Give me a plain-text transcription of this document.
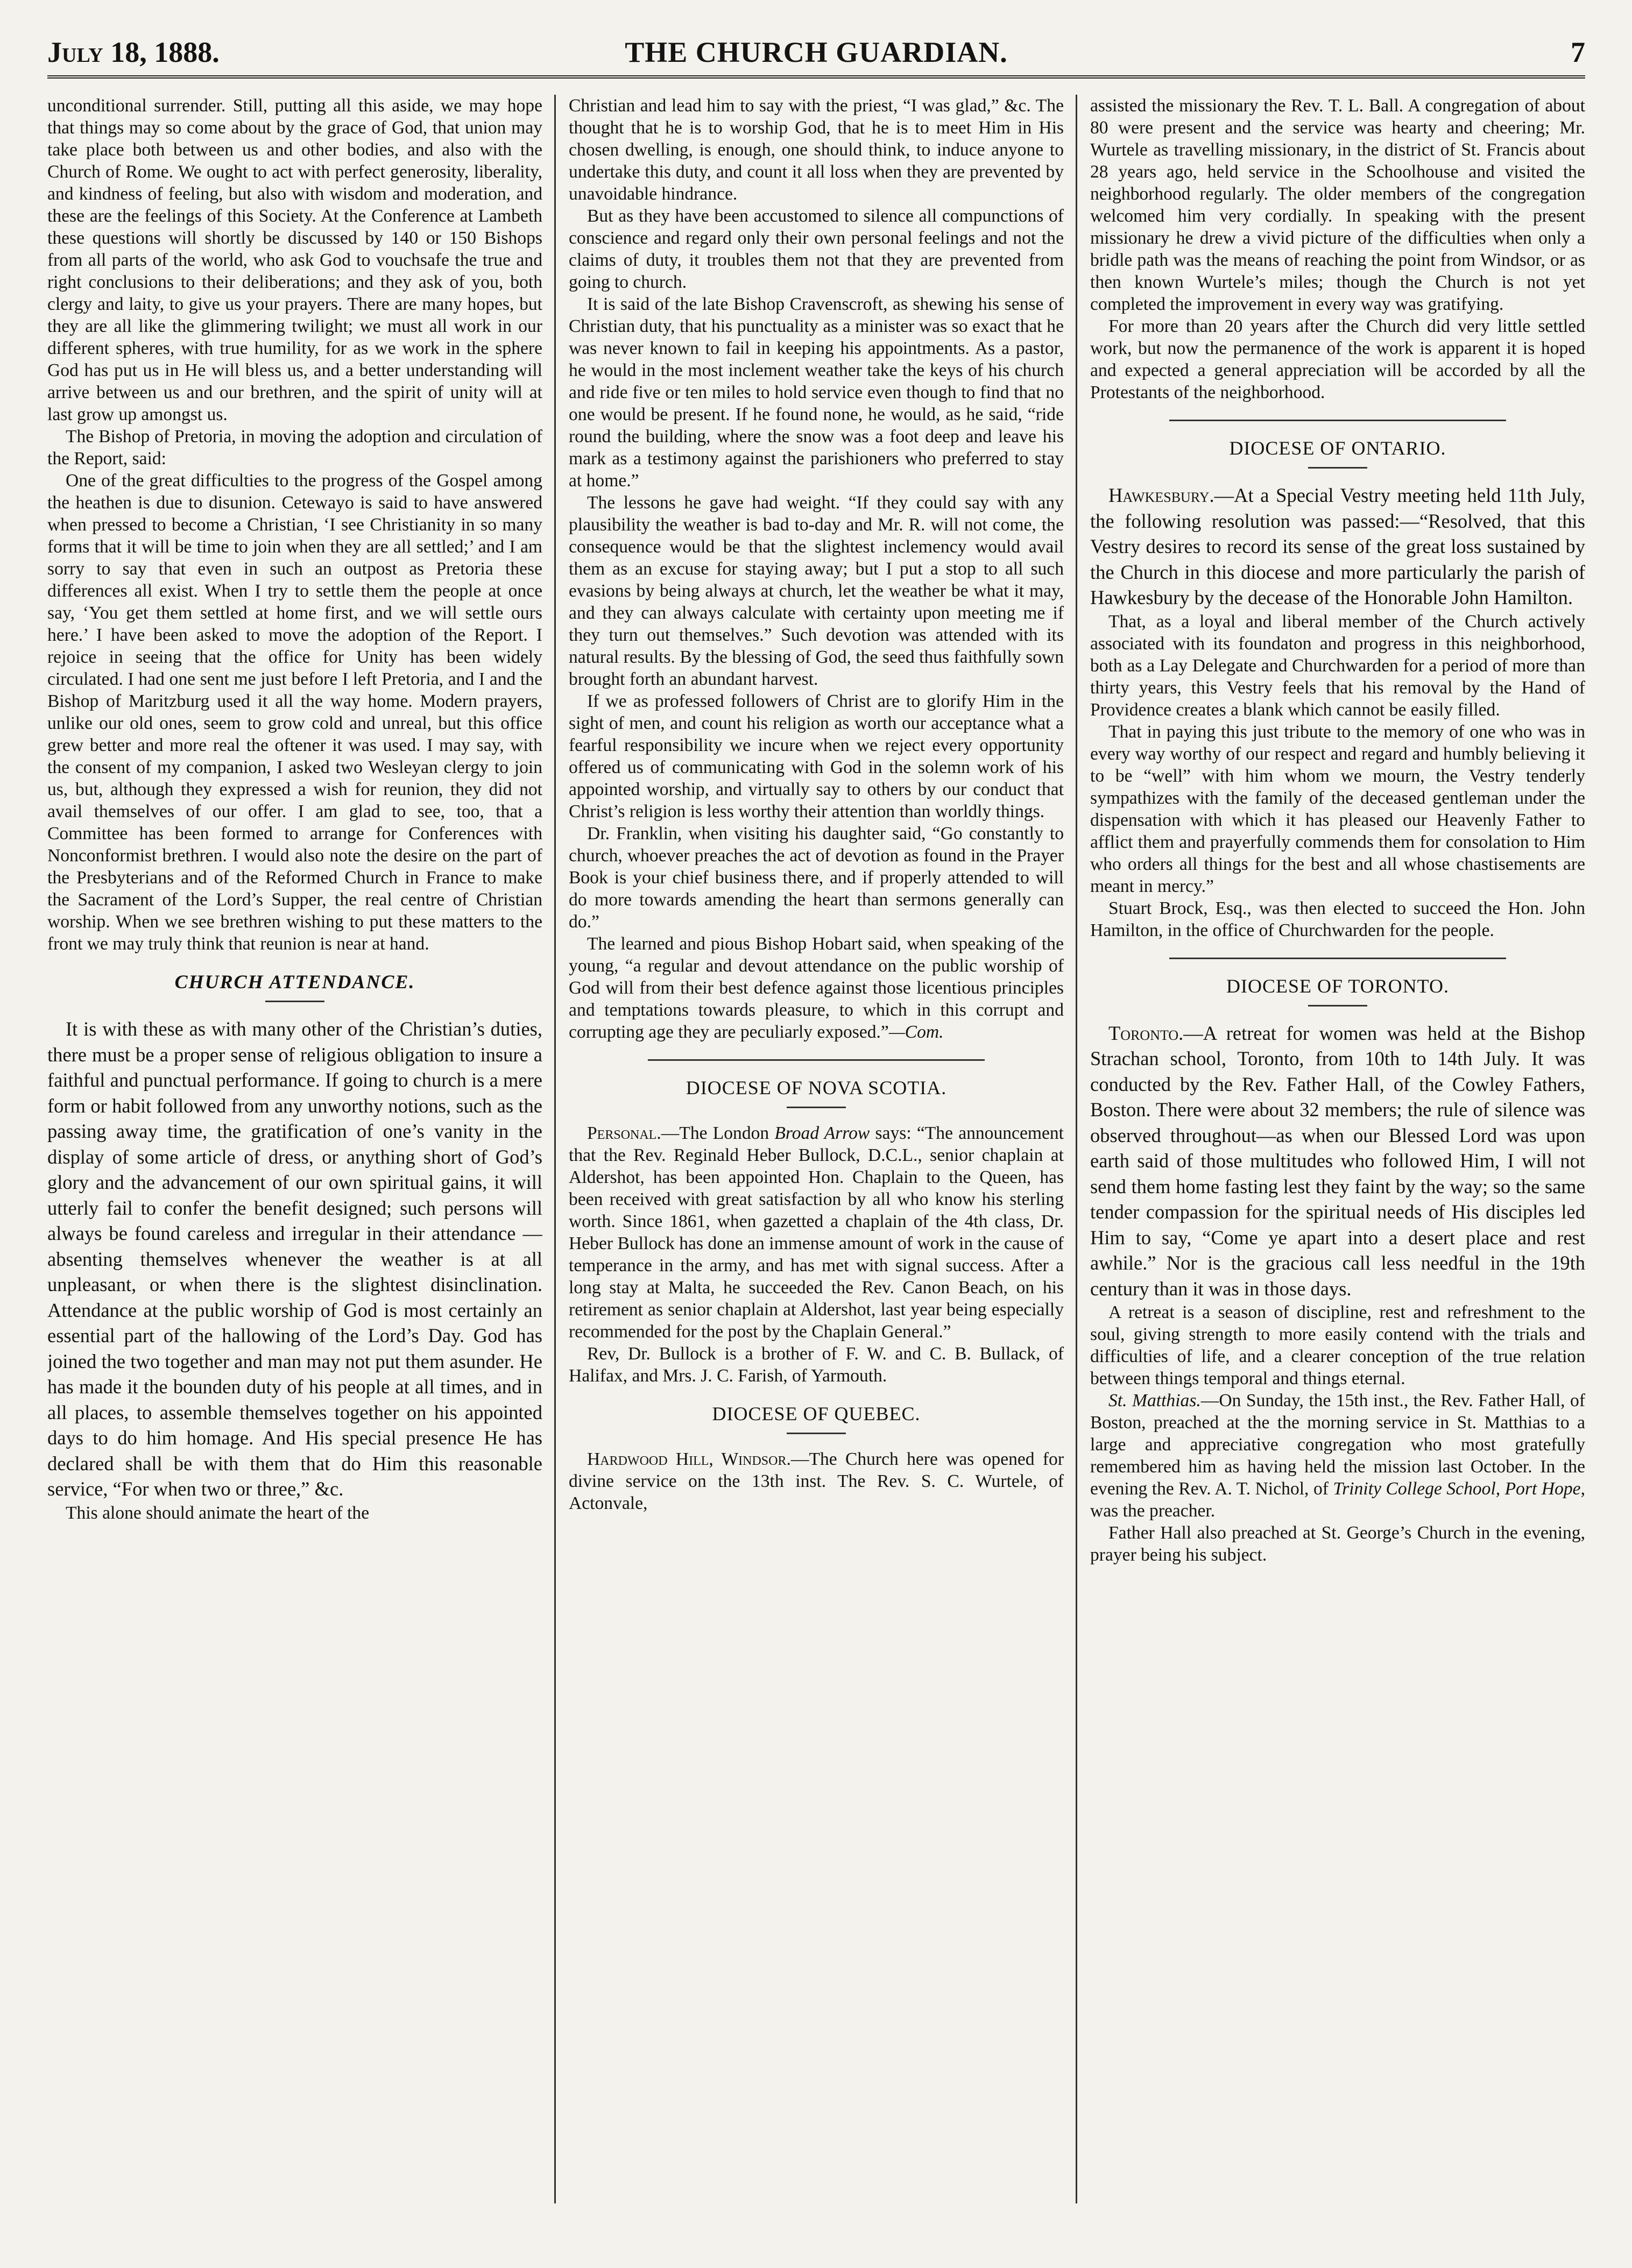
July 18, 1888.	THE CHURCH GUARDIAN.	7

unconditional surrender. Still, putting all this aside, we may hope that things may so come about by the grace of God, that union may take place both between us and other bodies, and also with the Church of Rome. We ought to act with perfect generosity, liberality, and kindness of feeling, but also with wisdom and moderation, and these are the feelings of this Society. At the Conference at Lambeth these questions will shortly be discussed by 140 or 150 Bishops from all parts of the world, who ask God to vouchsafe the true and right conclusions to their deliberations; and they ask of you, both clergy and laity, to give us your prayers. There are many hopes, but they are all like the glimmering twilight; we must all work in our different spheres, with true humility, for as we work in the sphere God has put us in He will bless us, and a better understanding will arrive between us and our brethren, and the spirit of unity will at last grow up amongst us.

The Bishop of Pretoria, in moving the adoption and circulation of the Report, said:

One of the great difficulties to the progress of the Gospel among the heathen is due to disunion. Cetewayo is said to have answered when pressed to become a Christian, ‘I see Christianity in so many forms that it will be time to join when they are all settled;’ and I am sorry to say that even in such an outpost as Pretoria these differences all exist. When I try to settle them the people at once say, ‘You get them settled at home first, and we will settle ours here.’ I have been asked to move the adoption of the Report. I rejoice in seeing that the office for Unity has been widely circulated. I had one sent me just before I left Pretoria, and I and the Bishop of Maritzburg used it all the way home. Modern prayers, unlike our old ones, seem to grow cold and unreal, but this office grew better and more real the oftener it was used. I may say, with the consent of my companion, I asked two Wesleyan clergy to join us, but, although they expressed a wish for reunion, they did not avail themselves of our offer. I am glad to see, too, that a Committee has been formed to arrange for Conferences with Nonconformist brethren. I would also note the desire on the part of the Presbyterians and of the Reformed Church in France to make the Sacrament of the Lord’s Supper, the real centre of Christian worship. When we see brethren wishing to put these matters to the front we may truly think that reunion is near at hand.

CHURCH ATTENDANCE.

It is with these as with many other of the Christian’s duties, there must be a proper sense of religious obligation to insure a faithful and punctual performance. If going to church is a mere form or habit followed from any unworthy notions, such as the passing away time, the gratification of one’s vanity in the display of some article of dress, or anything short of God’s glory and the advancement of our own spiritual gains, it will utterly fail to confer the benefit designed; such persons will always be found careless and irregular in their attendance —absenting themselves whenever the weather is at all unpleasant, or when there is the slightest disinclination. Attendance at the public worship of God is most certainly an essential part of the hallowing of the Lord’s Day. God has joined the two together and man may not put them asunder. He has made it the bounden duty of his people at all times, and in all places, to assemble themselves together on his appointed days to do him homage. And His special presence He has declared shall be with them that do Him this reasonable service, “For when two or three,” &c.

This alone should animate the heart of the

Christian and lead him to say with the priest, “I was glad,” &c. The thought that he is to worship God, that he is to meet Him in His chosen dwelling, is enough, one should think, to induce anyone to undertake this duty, and count it all loss when they are prevented by unavoidable hindrance.

But as they have been accustomed to silence all compunctions of conscience and regard only their own personal feelings and not the claims of duty, it troubles them not that they are prevented from going to church.

It is said of the late Bishop Cravenscroft, as shewing his sense of Christian duty, that his punctuality as a minister was so exact that he was never known to fail in keeping his appointments. As a pastor, he would in the most inclement weather take the keys of his church and ride five or ten miles to hold service even though to find that no one would be present. If he found none, he would, as he said, “ride round the building, where the snow was a foot deep and leave his mark as a testimony against the parishioners who preferred to stay at home.”

The lessons he gave had weight. “If they could say with any plausibility the weather is bad to-day and Mr. R. will not come, the consequence would be that the slightest inclemency would avail them as an excuse for staying away; but I put a stop to all such evasions by being always at church, let the weather be what it may, and they can always calculate with certainty upon meeting me if they turn out themselves.” Such devotion was attended with its natural results. By the blessing of God, the seed thus faithfully sown brought forth an abundant harvest.

If we as professed followers of Christ are to glorify Him in the sight of men, and count his religion as worth our acceptance what a fearful responsibility we incure when we reject every opportunity offered us of communicating with God in the solemn work of his appointed worship, and virtually say to others by our conduct that Christ’s religion is less worthy their attention than worldly things.

Dr. Franklin, when visiting his daughter said, “Go constantly to church, whoever preaches the act of devotion as found in the Prayer Book is your chief business there, and if properly attended to will do more towards amending the heart than sermons generally can do.”

The learned and pious Bishop Hobart said, when speaking of the young, “a regular and devout attendance on the public worship of God will from their best defence against those licentious principles and temptations towards pleasure, to which in this corrupt and corrupting age they are peculiarly exposed.”—Com.

DIOCESE OF NOVA SCOTIA.

Personal.—The London Broad Arrow says: “The announcement that the Rev. Reginald Heber Bullock, D.C.L., senior chaplain at Aldershot, has been appointed Hon. Chaplain to the Queen, has been received with great satisfaction by all who know his sterling worth. Since 1861, when gazetted a chaplain of the 4th class, Dr. Heber Bullock has done an immense amount of work in the cause of temperance in the army, and has met with signal success. After a long stay at Malta, he succeeded the Rev. Canon Beach, on his retirement as senior chaplain at Aldershot, last year being especially recommended for the post by the Chaplain General.”

Rev, Dr. Bullock is a brother of F. W. and C. B. Bullack, of Halifax, and Mrs. J. C. Farish, of Yarmouth.

DIOCESE OF QUEBEC.

Hardwood Hill, Windsor.—The Church here was opened for divine service on the 13th inst. The Rev. S. C. Wurtele, of Actonvale,

assisted the missionary the Rev. T. L. Ball. A congregation of about 80 were present and the service was hearty and cheering; Mr. Wurtele as travelling missionary, in the district of St. Francis about 28 years ago, held service in the Schoolhouse and visited the neighborhood regularly. The older members of the congregation welcomed him very cordially. In speaking with the present missionary he drew a vivid picture of the difficulties when only a bridle path was the means of reaching the point from Windsor, or as then known Wurtele’s miles; though the Church is not yet completed the improvement in every way was gratifying.

For more than 20 years after the Church did very little settled work, but now the permanence of the work is apparent it is hoped and expected a general appreciation will be accorded by all the Protestants of the neighborhood.

DIOCESE OF ONTARIO.

Hawkesbury.—At a Special Vestry meeting held 11th July, the following resolution was passed:—“Resolved, that this Vestry desires to record its sense of the great loss sustained by the Church in this diocese and more particularly the parish of Hawkesbury by the decease of the Honorable John Hamilton.

That, as a loyal and liberal member of the Church actively associated with its foundaton and progress in this neighborhood, both as a Lay Delegate and Churchwarden for a period of more than thirty years, this Vestry feels that his removal by the Hand of Providence creates a blank which cannot be easily filled.

That in paying this just tribute to the memory of one who was in every way worthy of our respect and regard and humbly believing it to be “well” with him whom we mourn, the Vestry tenderly sympathizes with the family of the deceased gentleman under the dispensation with which it has pleased our Heavenly Father to afflict them and prayerfully commends them for consolation to Him who orders all things for the best and all whose chastisements are meant in mercy.”

Stuart Brock, Esq., was then elected to succeed the Hon. John Hamilton, in the office of Churchwarden for the people.

DIOCESE OF TORONTO.

Toronto.—A retreat for women was held at the Bishop Strachan school, Toronto, from 10th to 14th July. It was conducted by the Rev. Father Hall, of the Cowley Fathers, Boston. There were about 32 members; the rule of silence was observed throughout—as when our Blessed Lord was upon earth said of those multitudes who followed Him, I will not send them home fasting lest they faint by the way; so the same tender compassion for the spiritual needs of His disciples led Him to say, “Come ye apart into a desert place and rest awhile.” Nor is the gracious call less needful in the 19th century than it was in those days.

A retreat is a season of discipline, rest and refreshment to the soul, giving strength to more easily contend with the trials and difficulties of life, and a clearer conception of the true relation between things temporal and things eternal.

St. Matthias.—On Sunday, the 15th inst., the Rev. Father Hall, of Boston, preached at the the morning service in St. Matthias to a large and appreciative congregation who most gratefully remembered him as having held the mission last October. In the evening the Rev. A. T. Nichol, of Trinity College School, Port Hope, was the preacher.

Father Hall also preached at St. George’s Church in the evening, prayer being his subject.
